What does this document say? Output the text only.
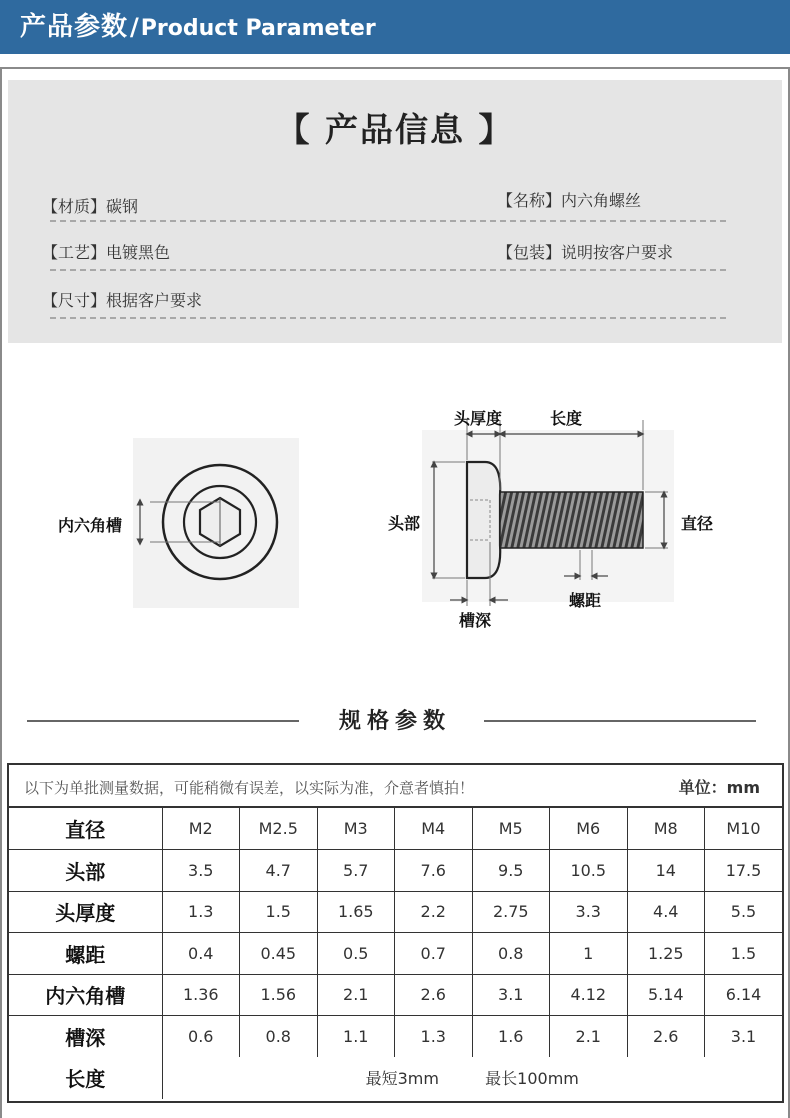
产品参数/Product Parameter
【 产品信息 】
【材质】碳钢	【名称】内六角螺丝
【工艺】电镀黑色	【包装】说明按客户要求
【尺寸】根据客户要求
内六角槽
头厚度	长度
头部	直径
槽深
螺距
规格参数
以下为单批测量数据，可能稍微有误差，以实际为准，介意者慎拍！	单位：mm
直径	M2	M2.5	M3	M4	M5	M6	M8	M10
头部	3.5	4.7	5.7	7.6	9.5	10.5	14	17.5
头厚度	1.3	1.5	1.65	2.2	2.75	3.3	4.4	5.5
螺距	0.4	0.45	0.5	0.7	0.8	1	1.25	1.5
内六角槽	1.36	1.56	2.1	2.6	3.1	4.12	5.14	6.14
槽深	0.6	0.8	1.1	1.3	1.6	2.1	2.6	3.1
长度	最短3mm 最长100mm							
